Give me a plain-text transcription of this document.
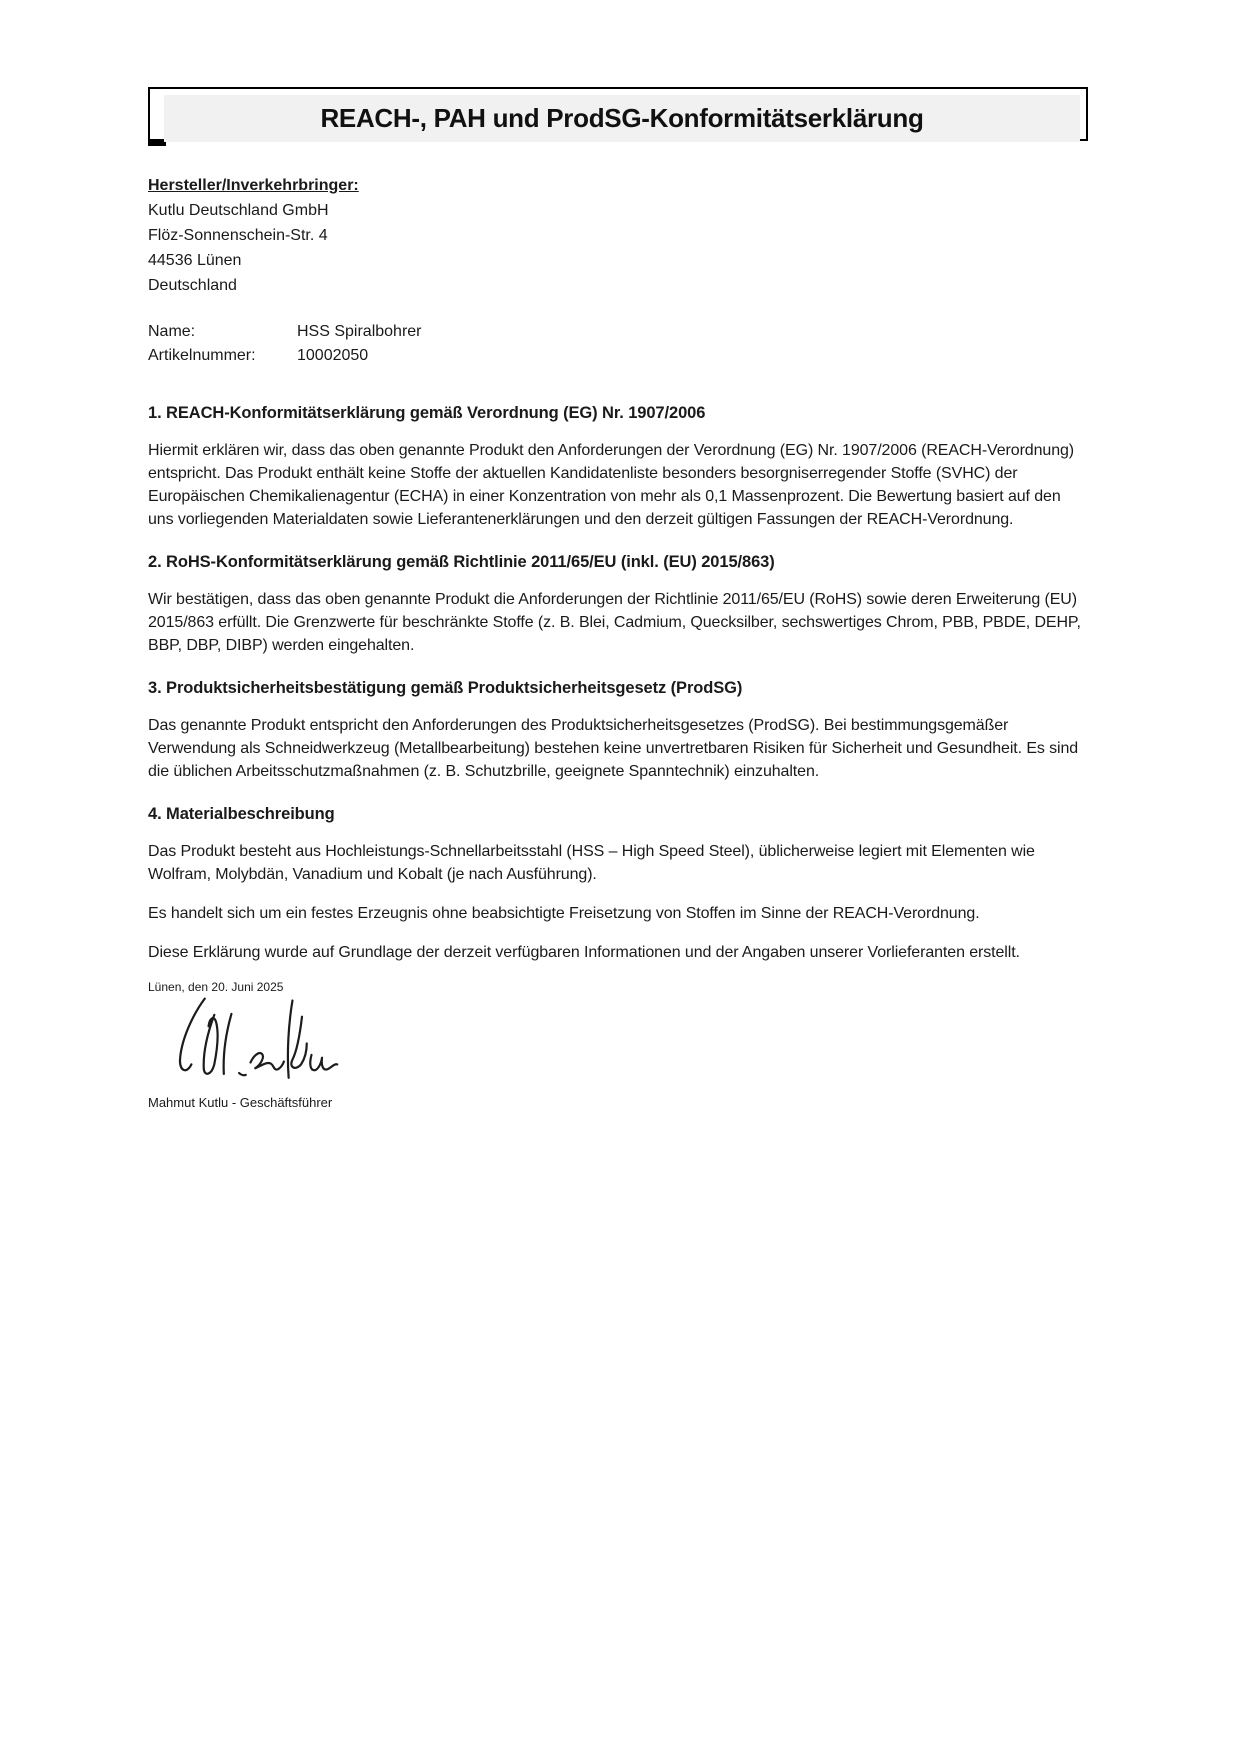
REACH-, PAH und ProdSG-Konformitätserklärung

Hersteller/Inverkehrbringer:

Kutlu Deutschland GmbH

Flöz-Sonnenschein-Str. 4

44536 Lünen

Deutschland

Name:	HSS Spiralbohrer
Artikelnummer:	10002050
1. REACH-Konformitätserklärung gemäß Verordnung (EG) Nr. 1907/2006

Hiermit erklären wir, dass das oben genannte Produkt den Anforderungen der Verordnung (EG) Nr. 1907/2006 (REACH-Verordnung) entspricht. Das Produkt enthält keine Stoffe der aktuellen Kandidatenliste besonders besorgniserregender Stoffe (SVHC) der Europäischen Chemikalienagentur (ECHA) in einer Konzentration von mehr als 0,1 Massenprozent. Die Bewertung basiert auf den uns vorliegenden Materialdaten sowie Lieferantenerklärungen und den derzeit gültigen Fassungen der REACH-Verordnung.

2. RoHS-Konformitätserklärung gemäß Richtlinie 2011/65/EU (inkl. (EU) 2015/863)

Wir bestätigen, dass das oben genannte Produkt die Anforderungen der Richtlinie 2011/65/EU (RoHS) sowie deren Erweiterung (EU) 2015/863 erfüllt. Die Grenzwerte für beschränkte Stoffe (z. B. Blei, Cadmium, Quecksilber, sechswertiges Chrom, PBB, PBDE, DEHP, BBP, DBP, DIBP) werden eingehalten.

3. Produktsicherheitsbestätigung gemäß Produktsicherheitsgesetz (ProdSG)

Das genannte Produkt entspricht den Anforderungen des Produktsicherheitsgesetzes (ProdSG). Bei bestimmungsgemäßer Verwendung als Schneidwerkzeug (Metallbearbeitung) bestehen keine unvertretbaren Risiken für Sicherheit und Gesundheit. Es sind die üblichen Arbeitsschutzmaßnahmen (z. B. Schutzbrille, geeignete Spanntechnik) einzuhalten.

4. Materialbeschreibung

Das Produkt besteht aus Hochleistungs-Schnellarbeitsstahl (HSS – High Speed Steel), üblicherweise legiert mit Elementen wie Wolfram, Molybdän, Vanadium und Kobalt (je nach Ausführung).

Es handelt sich um ein festes Erzeugnis ohne beabsichtigte Freisetzung von Stoffen im Sinne der REACH-Verordnung.

Diese Erklärung wurde auf Grundlage der derzeit verfügbaren Informationen und der Angaben unserer Vorlieferanten erstellt.

Lünen, den 20. Juni 2025

Mahmut Kutlu - Geschäftsführer
